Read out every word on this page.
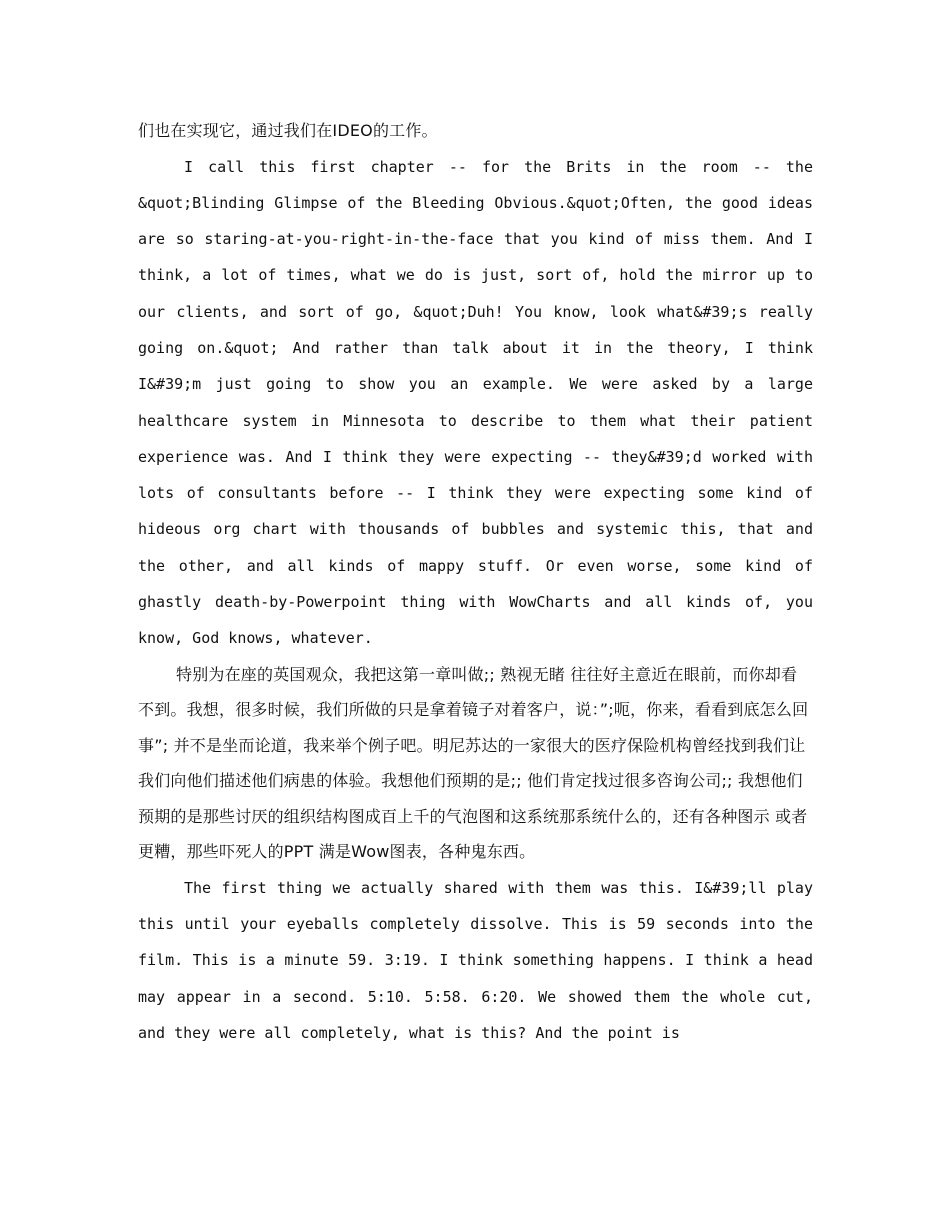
们也在实现它，通过我们在IDEO的工作。

I call this first chapter -- for the Brits in the room -- the &quot;Blinding Glimpse of the Bleeding Obvious.&quot;Often, the good ideas are so staring-at-you-right-in-the-face that you kind of miss them. And I think, a lot of times, what we do is just, sort of, hold the mirror up to our clients, and sort of go, &quot;Duh! You know, look what&#39;s really going on.&quot; And rather than talk about it in the theory, I think I&#39;m just going to show you an example. We were asked by a large healthcare system in Minnesota to describe to them what their patient experience was. And I think they were expecting -- they&#39;d worked with lots of consultants before -- I think they were expecting some kind of hideous org chart with thousands of bubbles and systemic this, that and the other, and all kinds of mappy stuff. Or even worse, some kind of ghastly death-by-Powerpoint thing with WowCharts and all kinds of, you know, God knows, whatever.

特别为在座的英国观众，我把这第一章叫做;; 熟视无睹 往往好主意近在眼前，而你却看不到。我想，很多时候，我们所做的只是拿着镜子对着客户，说：”;呃，你来，看看到底怎么回事”; 并不是坐而论道，我来举个例子吧。明尼苏达的一家很大的医疗保险机构曾经找到我们让我们向他们描述他们病患的体验。我想他们预期的是;; 他们肯定找过很多咨询公司;; 我想他们预期的是那些讨厌的组织结构图成百上千的气泡图和这系统那系统什么的，还有各种图示 或者更糟，那些吓死人的PPT 满是Wow图表，各种鬼东西。

The first thing we actually shared with them was this. I&#39;ll play this until your eyeballs completely dissolve. This is 59 seconds into the film. This is a minute 59. 3:19. I think something happens. I think a head may appear in a second. 5:10. 5:58. 6:20. We showed them the whole cut, and they were all completely, what is this? And the point is
